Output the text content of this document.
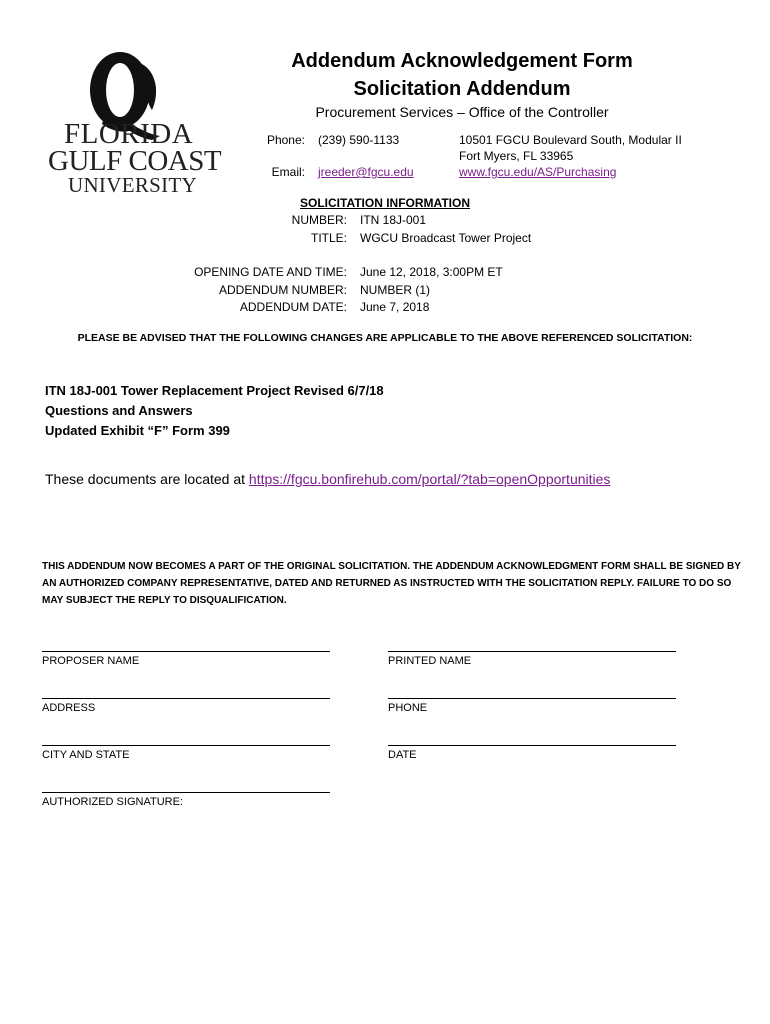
FLORIDA
GULF COAST
UNIVERSITY
Addendum Acknowledgement Form
Solicitation Addendum
Procurement Services – Office of the Controller
Phone: (239) 590-1133
Email: jreeder@fgcu.edu
10501 FGCU Boulevard South, Modular II
Fort Myers, FL 33965
www.fgcu.edu/AS/Purchasing
SOLICITATION INFORMATION
NUMBER: ITN 18J-001
TITLE: WGCU Broadcast Tower Project
OPENING DATE AND TIME: June 12, 2018, 3:00PM ET
ADDENDUM NUMBER: NUMBER (1)
ADDENDUM DATE: June 7, 2018
PLEASE BE ADVISED THAT THE FOLLOWING CHANGES ARE APPLICABLE TO THE ABOVE REFERENCED SOLICITATION:
ITN 18J-001 Tower Replacement Project Revised 6/7/18
Questions and Answers
Updated Exhibit “F” Form 399
These documents are located at https://fgcu.bonfirehub.com/portal/?tab=openOpportunities
THIS ADDENDUM NOW BECOMES A PART OF THE ORIGINAL SOLICITATION. THE ADDENDUM ACKNOWLEDGMENT FORM SHALL BE SIGNED BY AN AUTHORIZED COMPANY REPRESENTATIVE, DATED AND RETURNED AS INSTRUCTED WITH THE SOLICITATION REPLY. FAILURE TO DO SO MAY SUBJECT THE REPLY TO DISQUALIFICATION.
PROPOSER NAME	PRINTED NAME
ADDRESS	PHONE
CITY AND STATE	DATE
AUTHORIZED SIGNATURE:
